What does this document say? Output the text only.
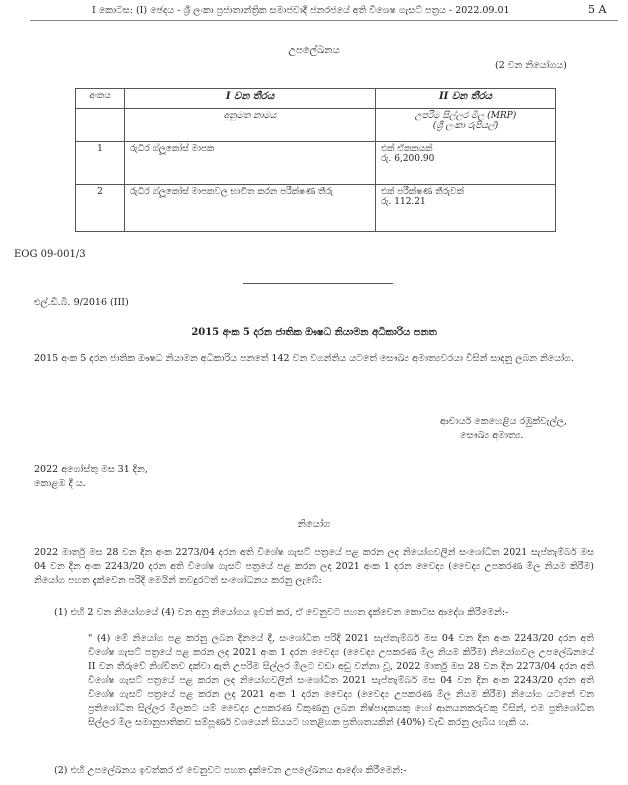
I කොටස: (I) ඡෙදය - ශ්‍රී ලංකා ප්‍රජාතාන්ත්‍රික සමාජවාදී ජනරජයේ අති විශෙෂ ගැසට් පත්‍රය - 2022.09.01	5 A
උපලේඛනය
(2 වන නියෝගය)
අංකය	I වන තීරය	II වන තීරය
	අනුමත නාමය	උපරිම සිල්ලර මිල (MRP)
(ශ්‍රී ලංකා රුපියල්)

1	රුධිර ග්ලූකෝස් මාපක	එක් ඒකකයක්
රු. 6,200.90

2	රුධිර ග්ලූකෝස් මාපකවල භාවිත කරන පරීක්ෂණ තීරු	එක් පරීක්ෂණ තීරුවක්
රු. 112.21
EOG 09-001/3
එල්.ඩී.බී. 9/2016 (III)
2015 අංක 5 දරන ජාතික ඖෂධ නියාමන අධිකාරිය පනත
2015 අංක 5 දරන ජාතික ඖෂධ නියාමන අධිකාරිය පනතේ 142 වන වගන්තිය යටතේ සෞඛ්‍ය අමාත්‍යවරයා විසින් සාදනු ලබන නියෝග.
ආචාර්ය කෙහෙළිය රඹුක්වැල්ල,
සෞඛ්‍ය අමාත්‍ය.
2022 අගෝස්තු මස 31 දින,
කොළඹ දී ය.
නියෝග
2022 මාර්තු මස 28 වන දින අංක 2273/04 දරන අති විශේෂ ගැසට් පත්‍රයේ පළ කරන ලද නියෝගවලින් සංශෝධිත 2021 සැප්තැම්බර් මස 04 වන දින අංක 2243/20 දරන අති විශේෂ ගැසට් පත්‍රයේ පළ කරන ලද 2021 අංක 1 දරන වෛද්‍ය (වෛද්‍ය උපකරණ මිල නියම කිරීම) නියෝග පහත දැක්වෙන පරිදි මෙයින් තවදුරටත් සංශෝධනය කරනු ලැබේ:
(1) එහි 2 වන නියෝගයේ (4) වන අනු නියෝගය ඉවත් කර, ඒ වෙනුවට පහත දැක්වෙන කොටස ආදේශ කිරීමෙන්:-
" (4) මේ නියෝග පළ කරනු ලබන දිනයේ දී, සංශෝධිත පරිදි 2021 සැප්තැම්බර් මස 04 වන දින අංක 2243/20 දරන අති විශේෂ ගැසට් පත්‍රයේ පළ කරන ලද 2021 අංක 1 දරන වෛද්‍ය (වෛද්‍ය උපකරණ මිල නියම කිරීම) නියෝගවල උපලේඛනයේ II වන තීරුවේ නිශ්චිතව දක්වා ඇති උපරිම සිල්ලර මිලට වඩා අඩු වන්නා වූ, 2022 මාර්තු මස 28 වන දින 2273/04 දරන අති විශේෂ ගැසට් පත්‍රයේ පළ කරන ලද නියෝගවලින් සංශෝධිත 2021 සැප්තැම්බර් මස 04 වන දින අංක 2243/20 දරන අති විශේෂ ගැසට් පත්‍රයේ පළ කරන ලද 2021 අංක 1 දරන වෛද්‍ය (වෛද්‍ය උපකරණ මිල නියම කිරීම) නියෝග යටතේ වන ප්‍රතිශෝධිත සිල්ලර මිලකට යම් වෛද්‍ය උපකරණ විකුණනු ලබන නිෂ්පාදකයකු හෝ ආනයනකරුවකු විසින්, එම ප්‍රතිශෝධිත සිල්ලර මිල සමානුපාතිකව සම්පූර්ණ වශයෙන් සියයට හතළිහක ප්‍රතිශතයකින් (40%) වැඩි කරනු ලැබිය හැකි ය.
(2) එහි උපලේඛනය ඉවත්කර ඒ වෙනුවට පහත දැක්වෙන උපලේඛනය ආදේශ කිරීමෙන්:-
